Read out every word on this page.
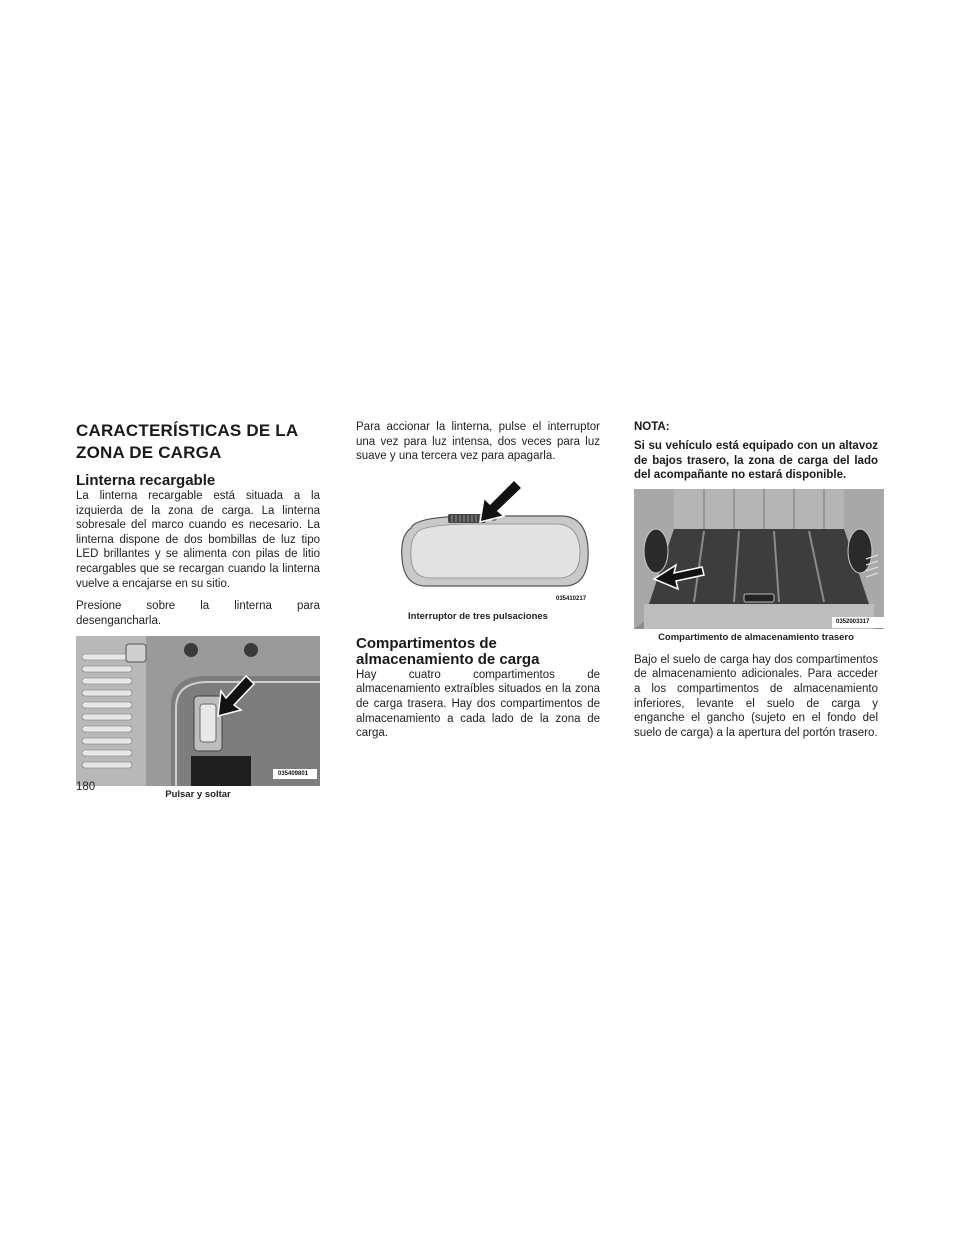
CARACTERÍSTICAS DE LA ZONA DE CARGA
Linterna recargable

La linterna recargable está situada a la izquierda de la zona de carga. La linterna sobresale del marco cuando es necesario. La linterna dispone de dos bombillas de luz tipo LED brillantes y se alimenta con pilas de litio recargables que se recargan cuando la linterna vuelve a encajarse en su sitio.

Presione sobre la linterna para desengancharla.

035409801
Pulsar y soltar

Para accionar la linterna, pulse el interruptor una vez para luz intensa, dos veces para luz suave y una tercera vez para apagarla.

035410217
Interruptor de tres pulsaciones
Compartimentos de almacenamiento de carga

Hay cuatro compartimentos de almacenamiento extraíbles situados en la zona de carga trasera. Hay dos compartimentos de almacenamiento a cada lado de la zona de carga.

NOTA:

Si su vehículo está equipado con un altavoz de bajos trasero, la zona de carga del lado del acompañante no estará disponible.

0352003317
Compartimento de almacenamiento trasero

Bajo el suelo de carga hay dos compartimentos de almacenamiento adicionales. Para acceder a los compartimentos de almacenamiento inferiores, levante el suelo de carga y enganche el gancho (sujeto en el fondo del suelo de carga) a la apertura del portón trasero.

180
